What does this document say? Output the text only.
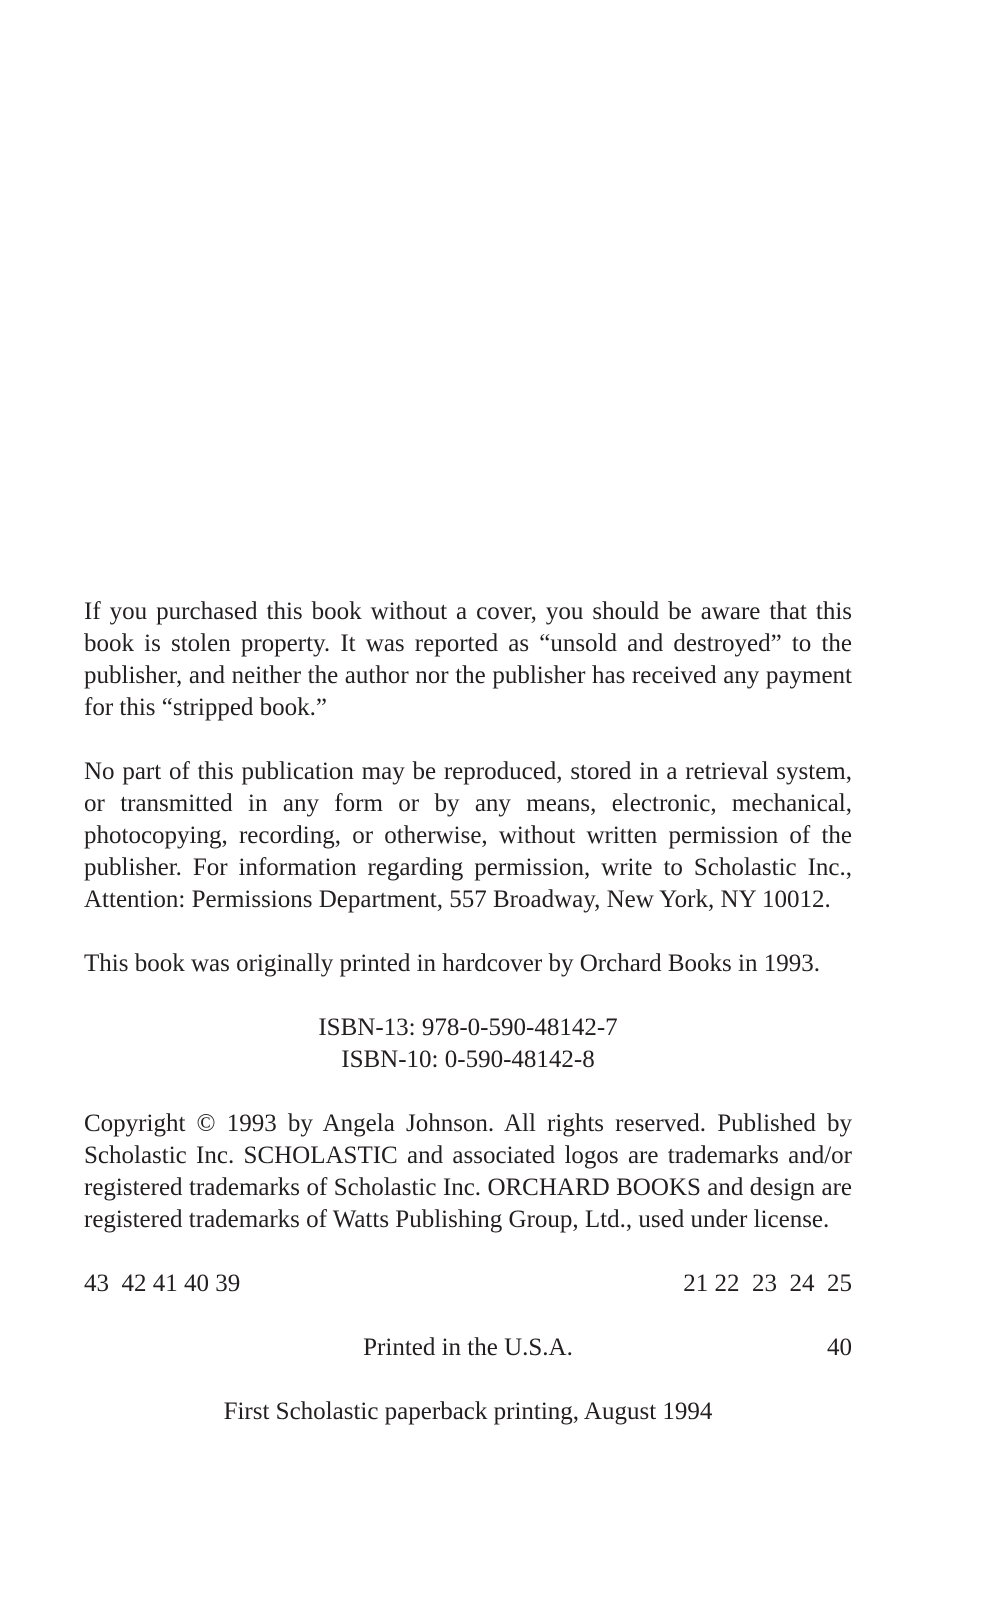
If you purchased this book without a cover, you should be aware that this book is stolen property. It was reported as “unsold and destroyed” to the publisher, and neither the author nor the publisher has received any payment for this “stripped book.”

No part of this publication may be reproduced, stored in a retrieval system, or transmitted in any form or by any means, electronic, mechanical, photocopying, recording, or otherwise, without written permission of the publisher. For information regarding permission, write to Scholastic Inc., Attention: Permissions Department, 557 Broadway, New York, NY 10012.

This book was originally printed in hardcover by Orchard Books in 1993.

ISBN-13: 978-0-590-48142-7
ISBN-10: 0-590-48142-8

Copyright © 1993 by Angela Johnson. All rights reserved. Published by Scholastic Inc. SCHOLASTIC and associated logos are trademarks and/or registered trademarks of Scholastic Inc. ORCHARD BOOKS and design are registered trademarks of Watts Publishing Group, Ltd., used under license.

43  42 41 40 39	21 22  23  24  25
Printed in the U.S.A.	40
First Scholastic paperback printing, August 1994
